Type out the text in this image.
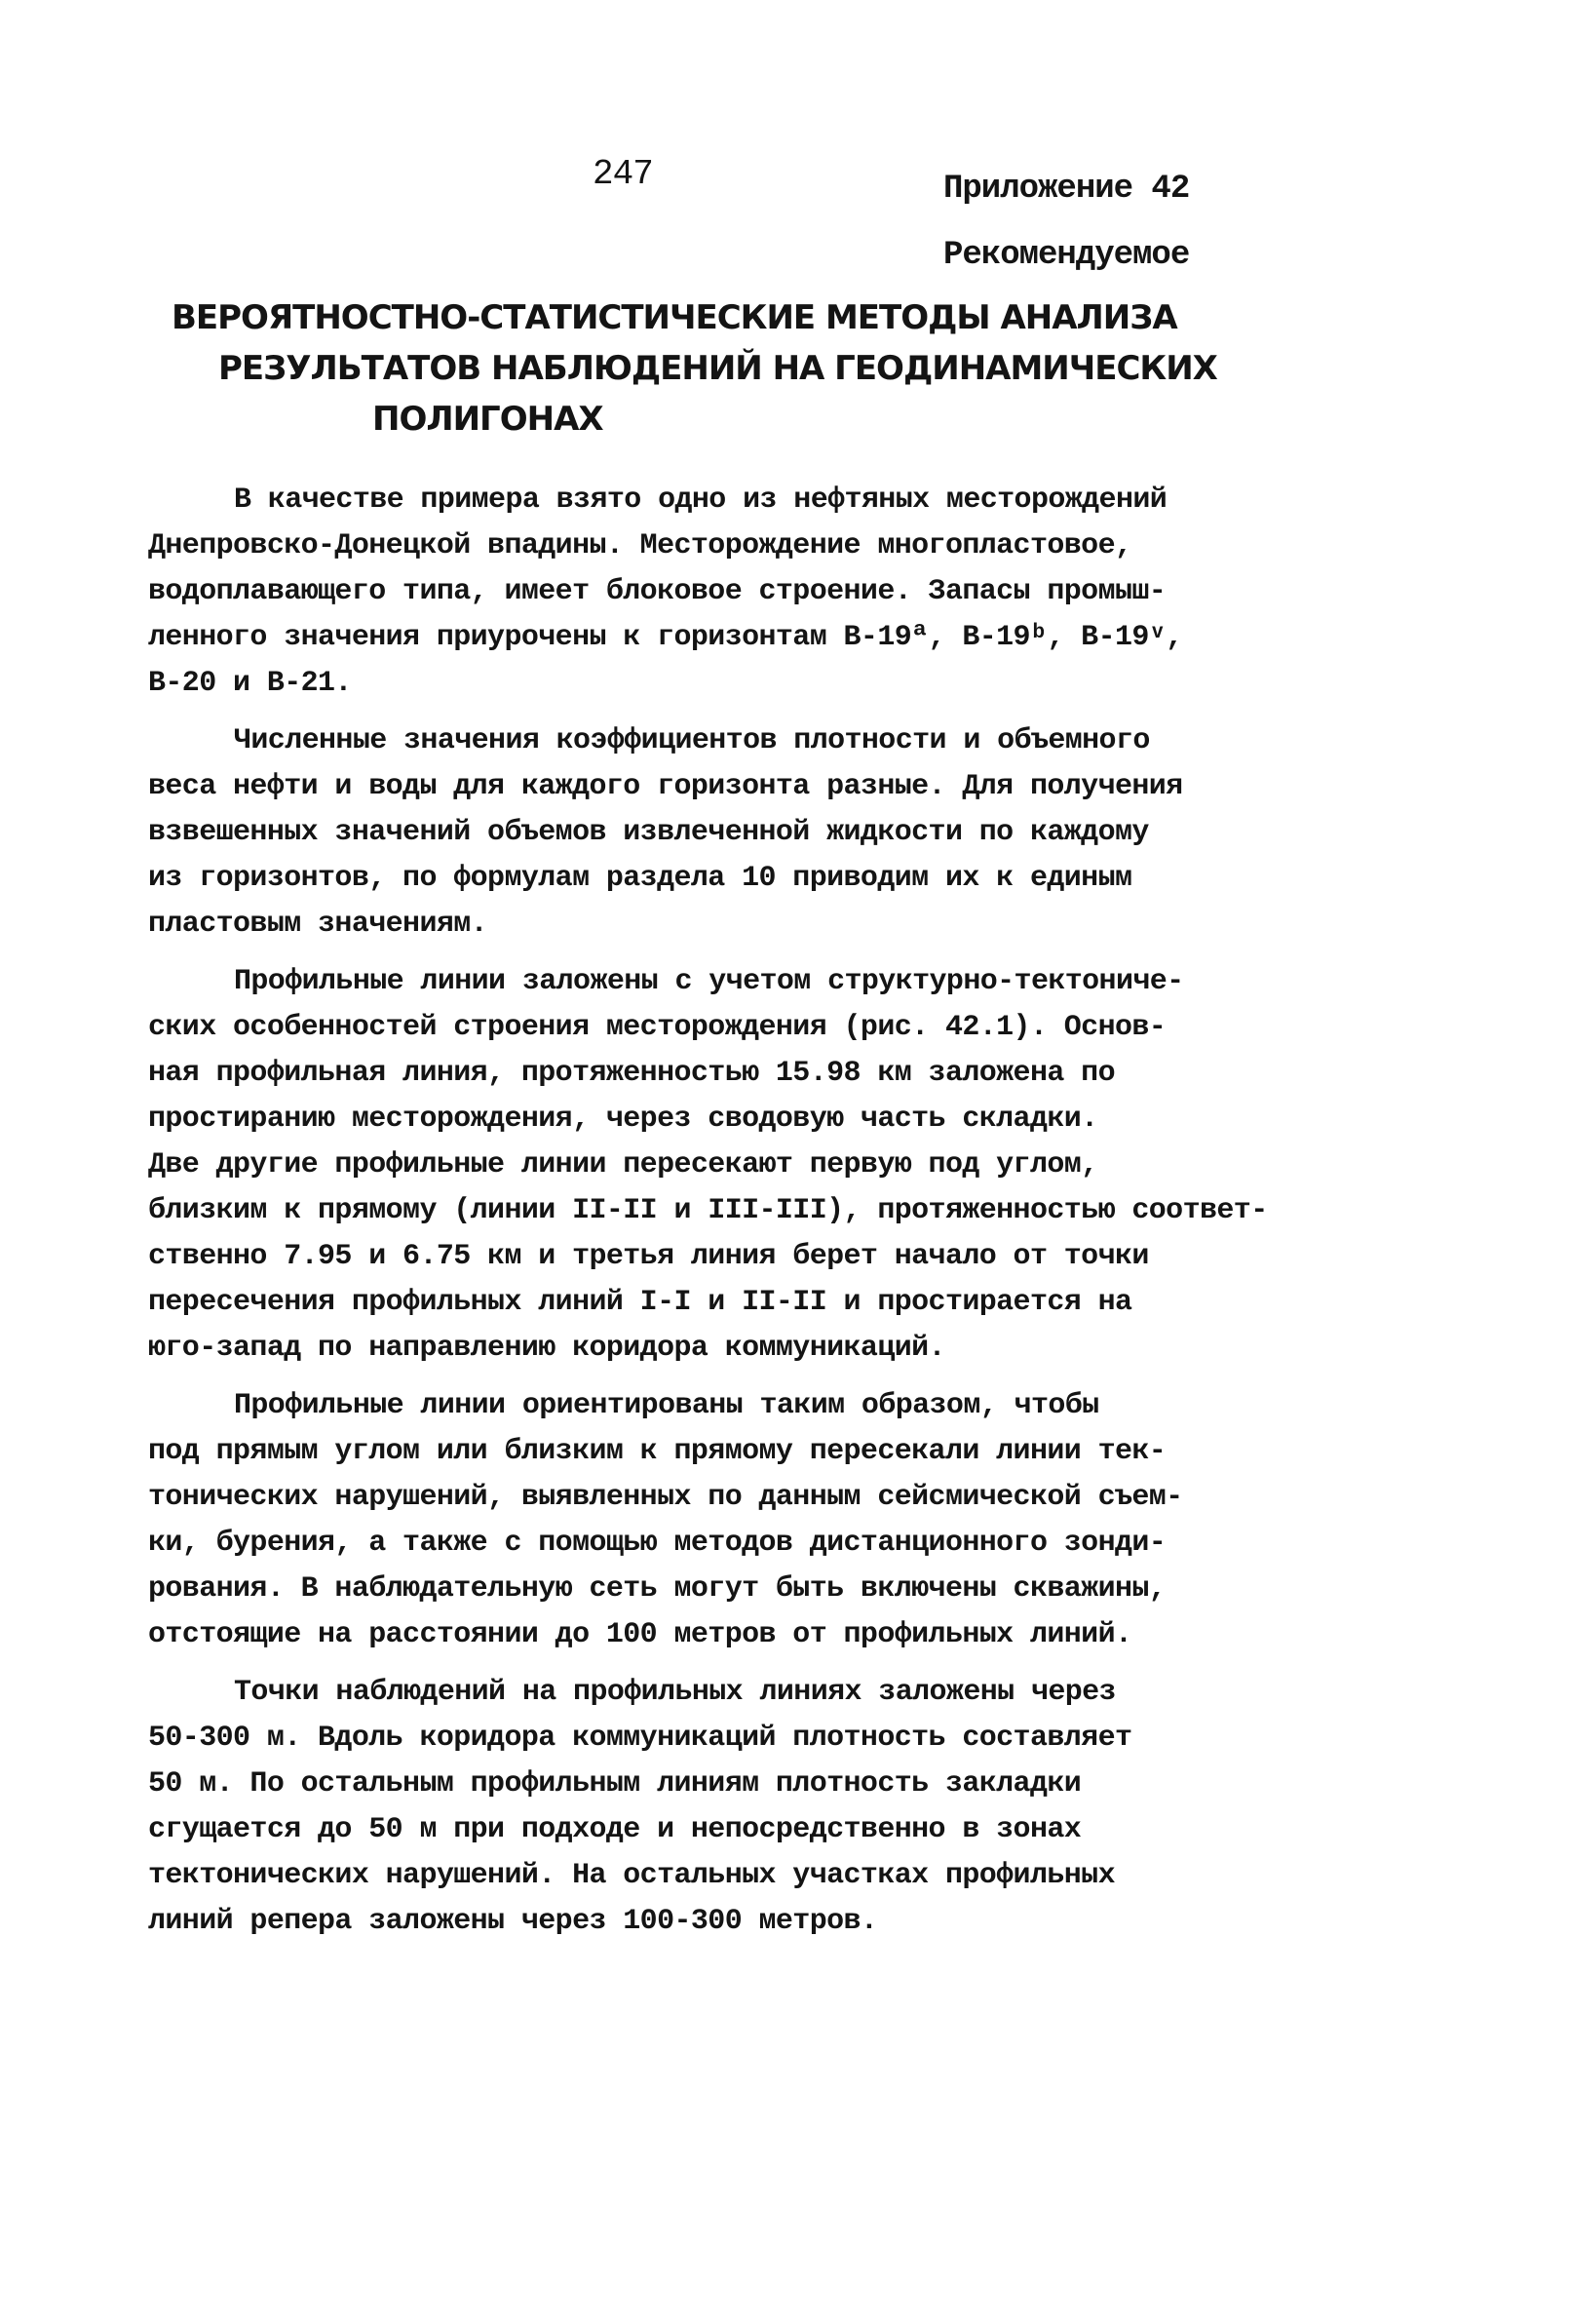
247	Приложение 42
Рекомендуемое
ВЕРОЯТНОСТНО-СТАТИСТИЧЕСКИЕ МЕТОДЫ АНАЛИЗА
РЕЗУЛЬТАТОВ НАБЛЮДЕНИЙ НА ГЕОДИНАМИЧЕСКИХ
ПОЛИГОНАХ
В качестве примера взято одно из нефтяных месторождений
Днепровско-Донецкой впадины. Месторождение многопластовое,
водоплавающего типа, имеет блоковое строение. Запасы промыш-
ленного значения приурочены к горизонтам В-19ª, В-19ᵇ, В-19ᵛ,
В-20 и В-21.
Численные значения коэффициентов плотности и объемного
веса нефти и воды для каждого горизонта разные. Для получения
взвешенных значений объемов извлеченной жидкости по каждому
из горизонтов, по формулам раздела 10 приводим их к единым
пластовым значениям.
Профильные линии заложены с учетом структурно-тектониче-
ских особенностей строения месторождения (рис. 42.1). Основ-
ная профильная линия, протяженностью 15.98 км заложена по
простиранию месторождения, через сводовую часть складки.
Две другие профильные линии пересекают первую под углом,
близким к прямому (линии II-II и III-III), протяженностью соответ-
ственно 7.95 и 6.75 км и третья линия берет начало от точки
пересечения профильных линий I-I и II-II и простирается на
юго-запад по направлению коридора коммуникаций.
Профильные линии ориентированы таким образом, чтобы
под прямым углом или близким к прямому пересекали линии тек-
тонических нарушений, выявленных по данным сейсмической съем-
ки, бурения, а также с помощью методов дистанционного зонди-
рования. В наблюдательную сеть могут быть включены скважины,
отстоящие на расстоянии до 100 метров от профильных линий.
Точки наблюдений на профильных линиях заложены через
50-300 м. Вдоль коридора коммуникаций плотность составляет
50 м. По остальным профильным линиям плотность закладки
сгущается до 50 м при подходе и непосредственно в зонах
тектонических нарушений. На остальных участках профильных
линий репера заложены через 100-300 метров.
